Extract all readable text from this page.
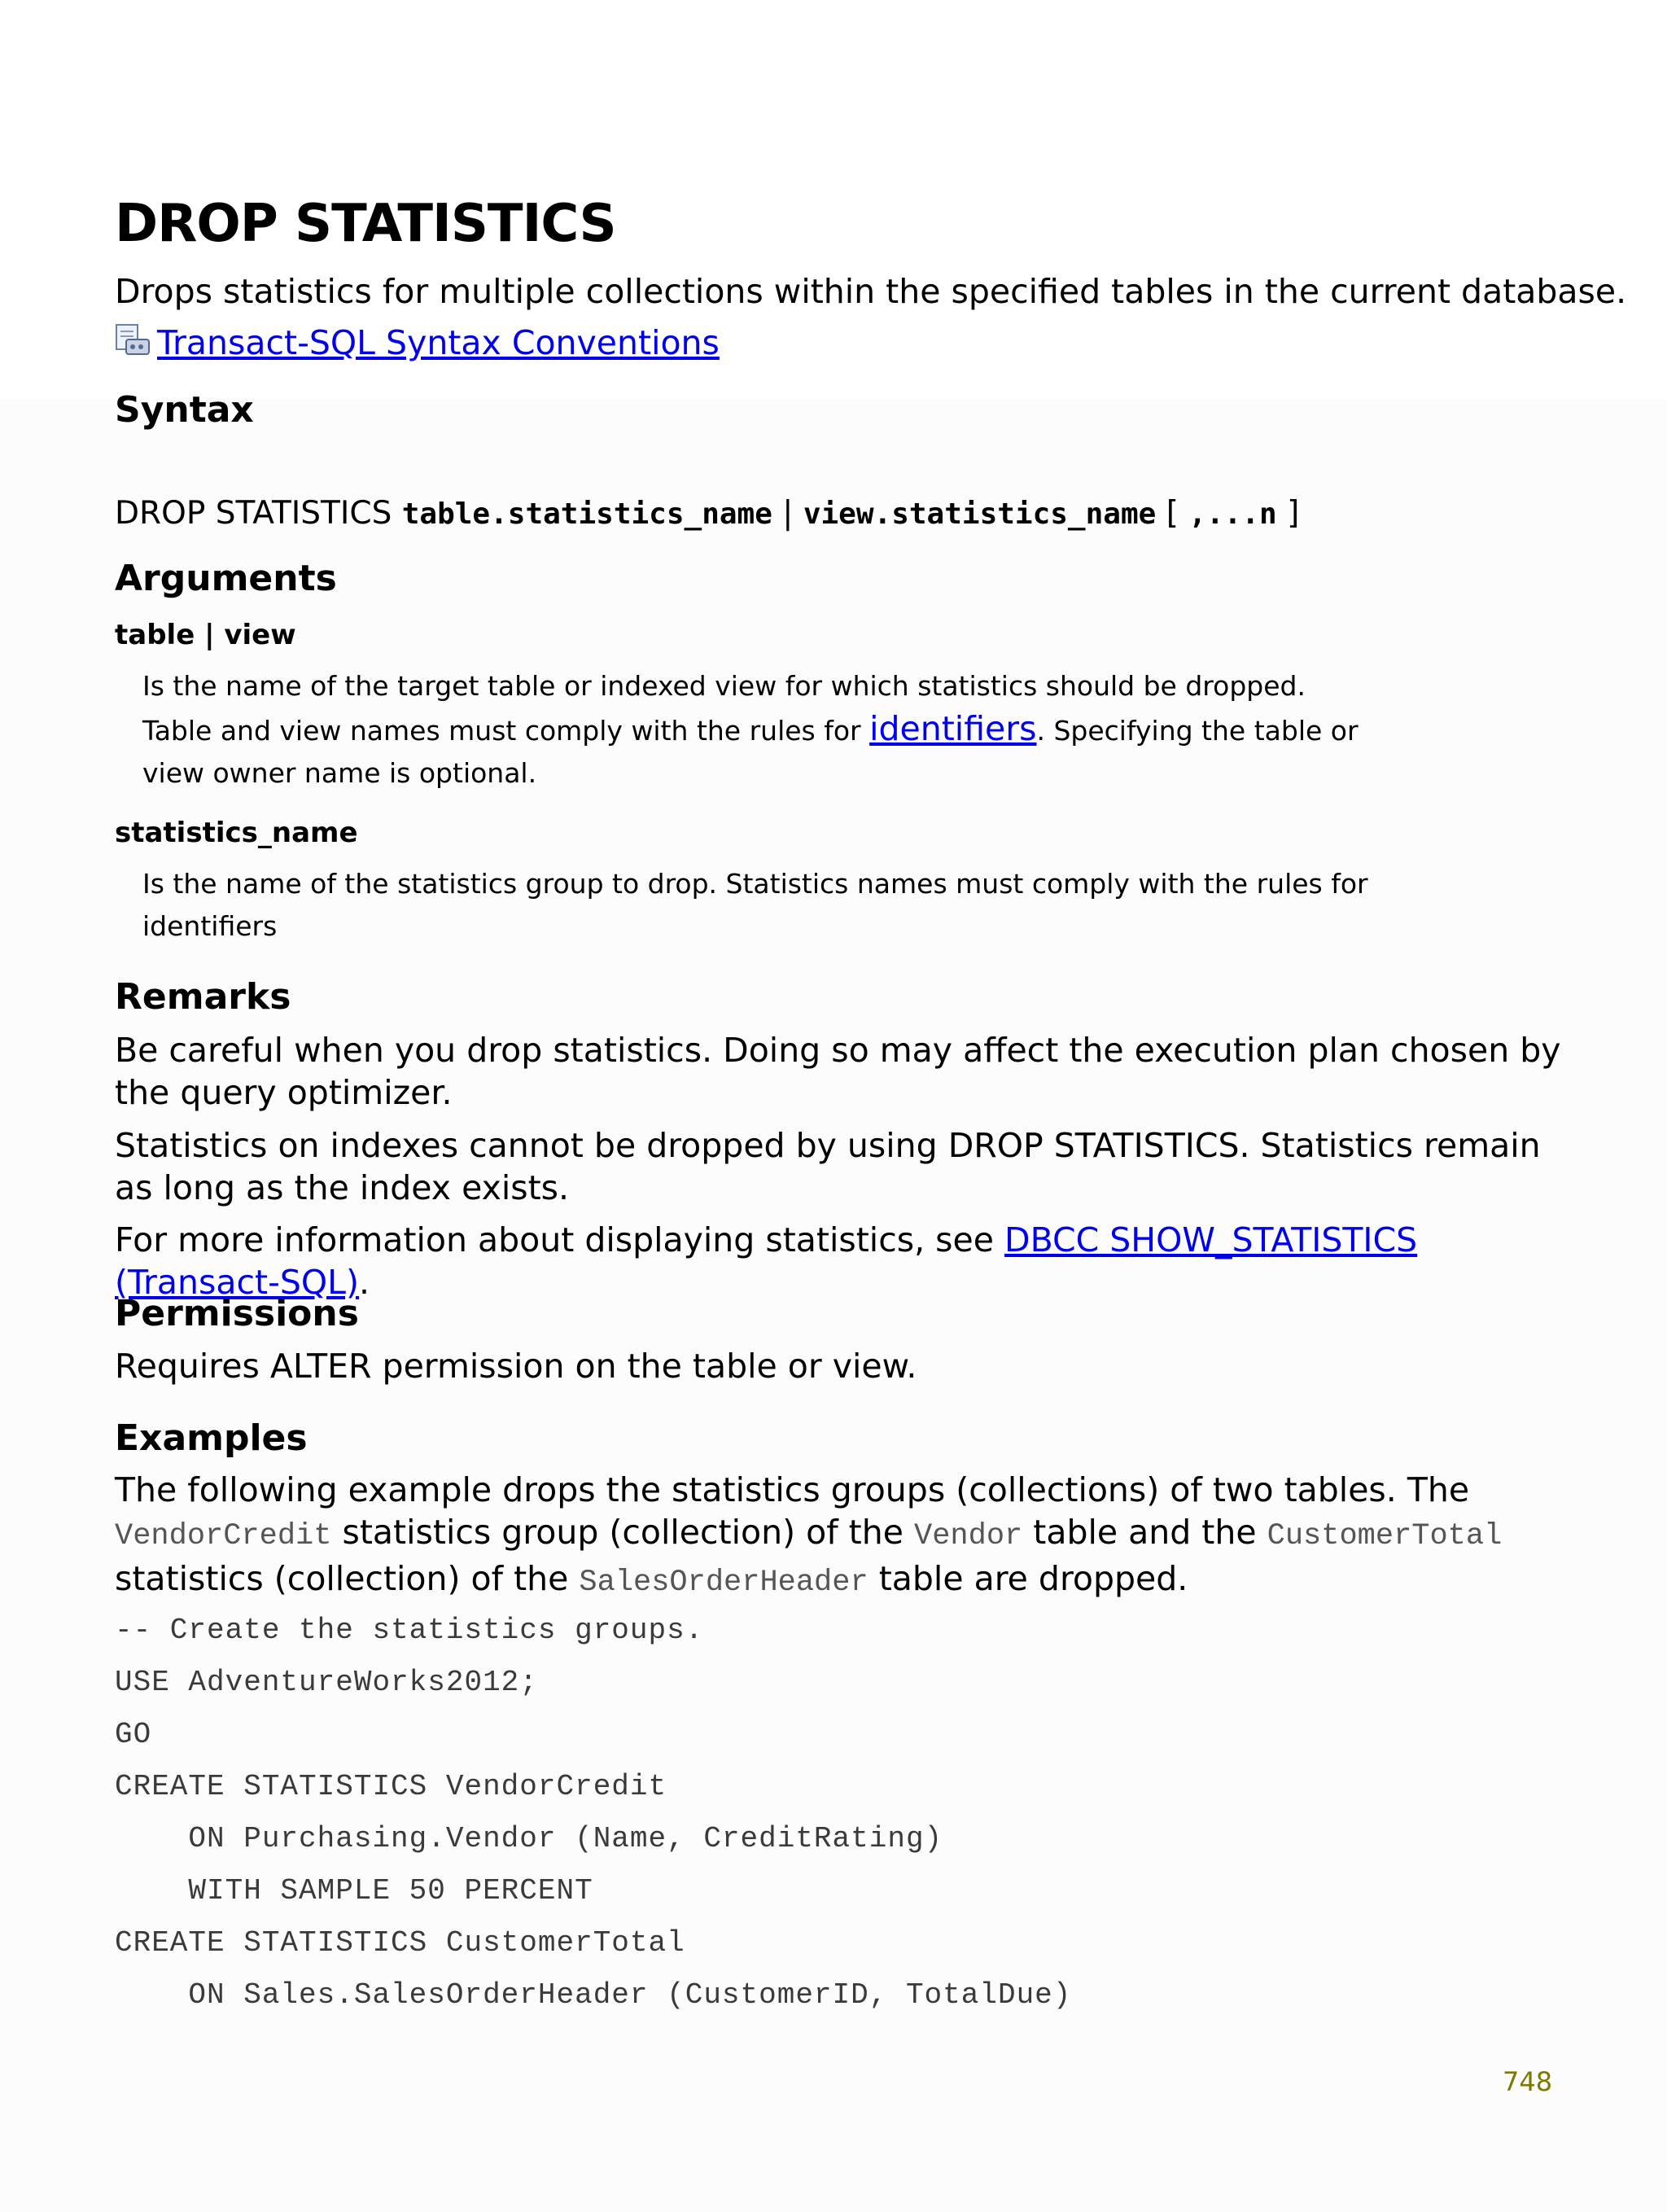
DROP STATISTICS
Drops statistics for multiple collections within the specified tables in the current database.
Transact-SQL Syntax Conventions
Syntax
DROP STATISTICS table.statistics_name | view.statistics_name [ ,...n ]
Arguments
table | view
Is the name of the target table or indexed view for which statistics should be dropped. Table and view names must comply with the rules for identifiers. Specifying the table or view owner name is optional.
statistics_name
Is the name of the statistics group to drop. Statistics names must comply with the rules for identifiers
Remarks
Be careful when you drop statistics. Doing so may affect the execution plan chosen by the query optimizer.
Statistics on indexes cannot be dropped by using DROP STATISTICS. Statistics remain as long as the index exists.
For more information about displaying statistics, see DBCC SHOW_STATISTICS (Transact-SQL).
Permissions
Requires ALTER permission on the table or view.
Examples
The following example drops the statistics groups (collections) of two tables. The VendorCredit statistics group (collection) of the Vendor table and the CustomerTotal statistics (collection) of the SalesOrderHeader table are dropped.
-- Create the statistics groups.
USE AdventureWorks2012;
GO
CREATE STATISTICS VendorCredit
ON Purchasing.Vendor (Name, CreditRating)
WITH SAMPLE 50 PERCENT
CREATE STATISTICS CustomerTotal
ON Sales.SalesOrderHeader (CustomerID, TotalDue)
748
